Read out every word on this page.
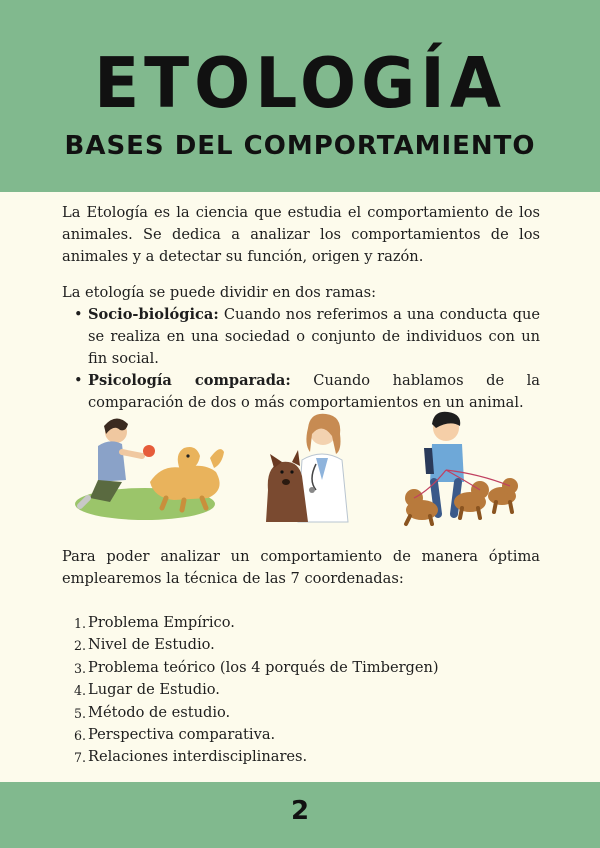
ETOLOGÍA
BASES DEL COMPORTAMIENTO

La Etología es la ciencia que estudia el comportamiento de los animales. Se dedica a analizar los comportamientos de los animales y a detectar su función, origen y razón.

La etología se puede dividir en dos ramas:

• Socio-biológica: Cuando nos referimos a una conducta que se realiza en una sociedad o conjunto de individuos con un fin social.
• Psicología comparada: Cuando hablamos de la comparación de dos o más comportamientos en un animal.

Para poder analizar un comportamiento de manera óptima emplearemos la técnica de las 7 coordenadas:

1. Problema Empírico.
2. Nivel de Estudio.
3. Problema teórico (los 4 porqués de Timbergen)
4. Lugar de Estudio.
5. Método de estudio.
6. Perspectiva comparativa.
7. Relaciones interdisciplinares.
2
